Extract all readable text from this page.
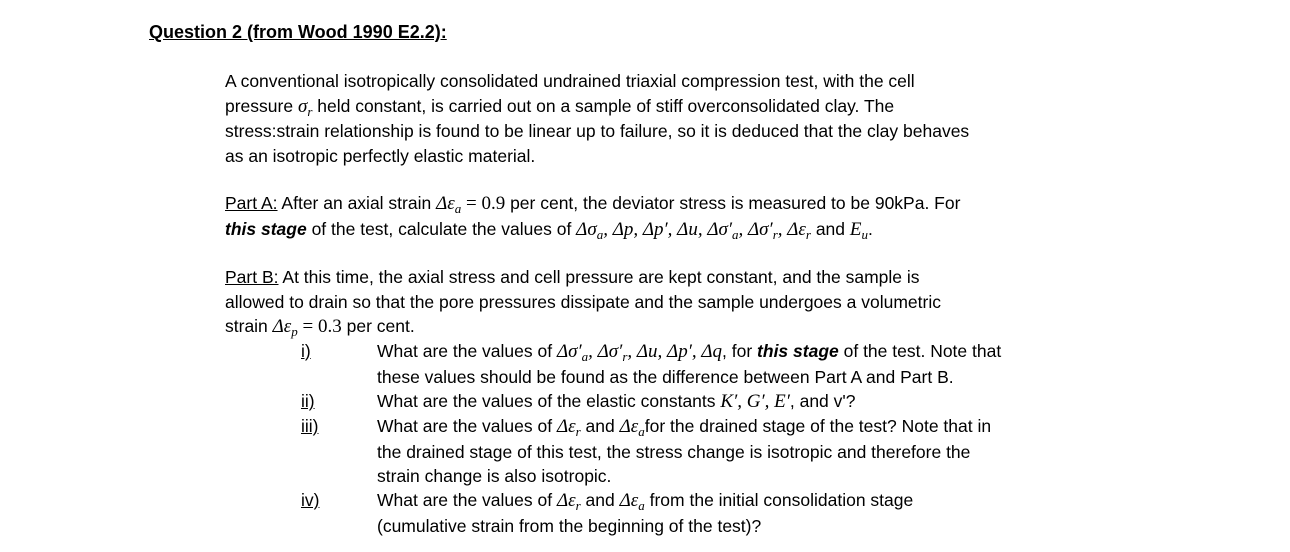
Question 2 (from Wood 1990 E2.2):
A conventional isotropically consolidated undrained triaxial compression test, with the cell
pressure $\sigma_r$ held constant, is carried out on a sample of stiff overconsolidated clay. The
stress:strain relationship is found to be linear up to failure, so it is deduced that the clay behaves
as an isotropic perfectly elastic material.
Part A: After an axial strain $\Delta\varepsilon_a = 0.9$ per cent, the deviator stress is measured to be 90kPa. For
this stage of the test, calculate the values of $\Delta\sigma_a$, Δp, Δp′, Δu, $\Delta\sigma'_a$, $\Delta\sigma'_r$, $\Delta\varepsilon_r$ and $E_u$.
Part B: At this time, the axial stress and cell pressure are kept constant, and the sample is
allowed to drain so that the pore pressures dissipate and the sample undergoes a volumetric
strain $\Delta\varepsilon_p = 0.3$ per cent.
i)	What are the values of $\Delta\sigma'_a$, $\Delta\sigma'_r$, Δu, Δp′, Δq, for this stage of the test. Note that
these values should be found as the difference between Part A and Part B.
ii)	What are the values of the elastic constants K′, G′, E′, and v'?
iii)	What are the values of $\Delta\varepsilon_r$ and $\Delta\varepsilon_afor$ the drained stage of the test? Note that in
the drained stage of this test, the stress change is isotropic and therefore the
strain change is also isotropic.
iv)	What are the values of $\Delta\varepsilon_r$ and $\Delta\varepsilon_a$ from the initial consolidation stage
(cumulative strain from the beginning of the test)?
